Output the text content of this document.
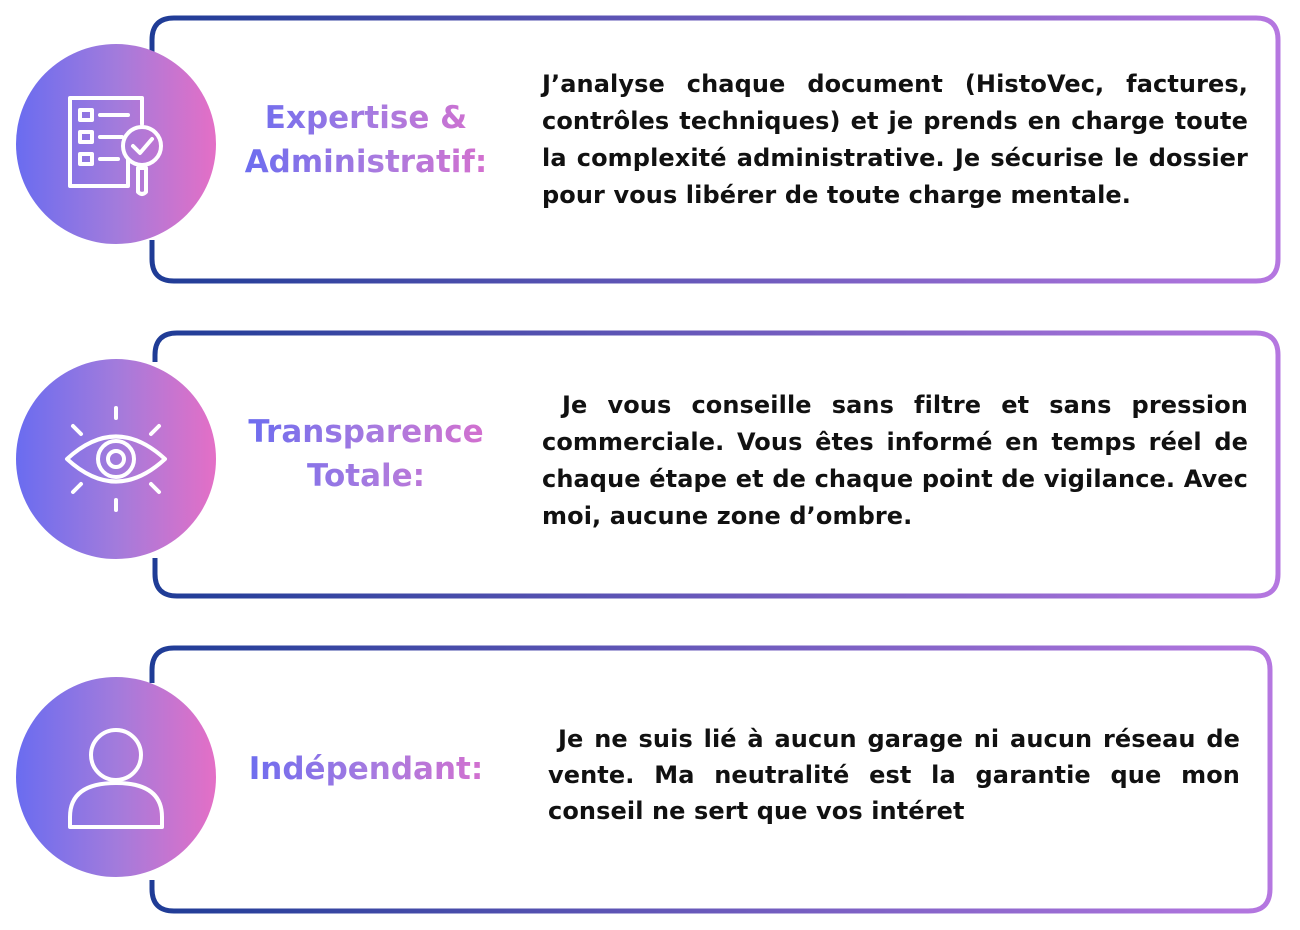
Expertise &
Administratif:
J’analyse chaque document (HistoVec, factures, contrôles techniques) et je prends en charge toute la complexité administrative. Je sécurise le dossier pour vous libérer de toute charge mentale.
Transparence
Totale:
Je vous conseille sans filtre et sans pression commerciale. Vous êtes informé en temps réel de chaque étape et de chaque point de vigilance. Avec moi, aucune zone d’ombre.
Indépendant:
Je ne suis lié à aucun garage ni aucun réseau de vente. Ma neutralité est la garantie que mon conseil ne sert que vos intéret
